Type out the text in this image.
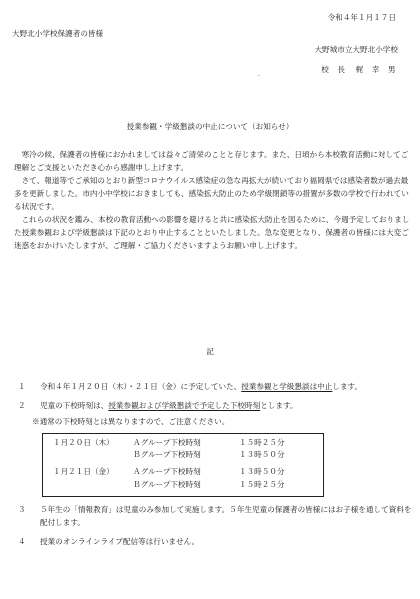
令和４年１月１７日
大野北小学校保護者の皆様
大野城市立大野北小学校
校　長 梶　幸　男
.
授業参観・学級懇談の中止について（お知らせ）

寒冷の候、保護者の皆様におかれましては益々ご清栄のことと存じます。また、日頃から本校教育活動に対してご理解とご支援といただき心から感謝申し上げます。

さて、報道等でご承知のとおり新型コロナウイルス感染症の急な再拡大が続いており福岡県では感染者数が過去最多を更新しました。市内小中学校におきましても、感染拡大防止のため学級閉鎖等の措置が多数の学校で行われている状況です。

これらの状況を鑑み、本校の教育活動への影響を避けると共に感染拡大防止を図るために、今週予定しておりました授業参観および学級懇談は下記のとおり中止することといたしました。急な変更となり、保護者の皆様には大変ご迷惑をおかけいたしますが、ご理解・ご協力くださいますようお願い申し上げます。

記
１ 令和４年１月２０日（木）・２１日（金）に予定していた、授業参観と学級懇談は中止します。
２ 児童の下校時刻は、授業参観および学級懇談で予定した下校時刻とします。
※通常の下校時刻とは異なりますので、ご注意ください。
１月２０日（木）	Ａグループ下校時刻	１５時２５分
Ｂグループ下校時刻	１３時５０分
１月２１日（金）	Ａグループ下校時刻	１３時５０分
Ｂグループ下校時刻	１５時２５分
３ ５年生の「情報教育」は児童のみ参加して実施します。５年生児童の保護者の皆様にはお子様を通して資料を配付します。
４ 授業のオンラインライブ配信等は行いません。
